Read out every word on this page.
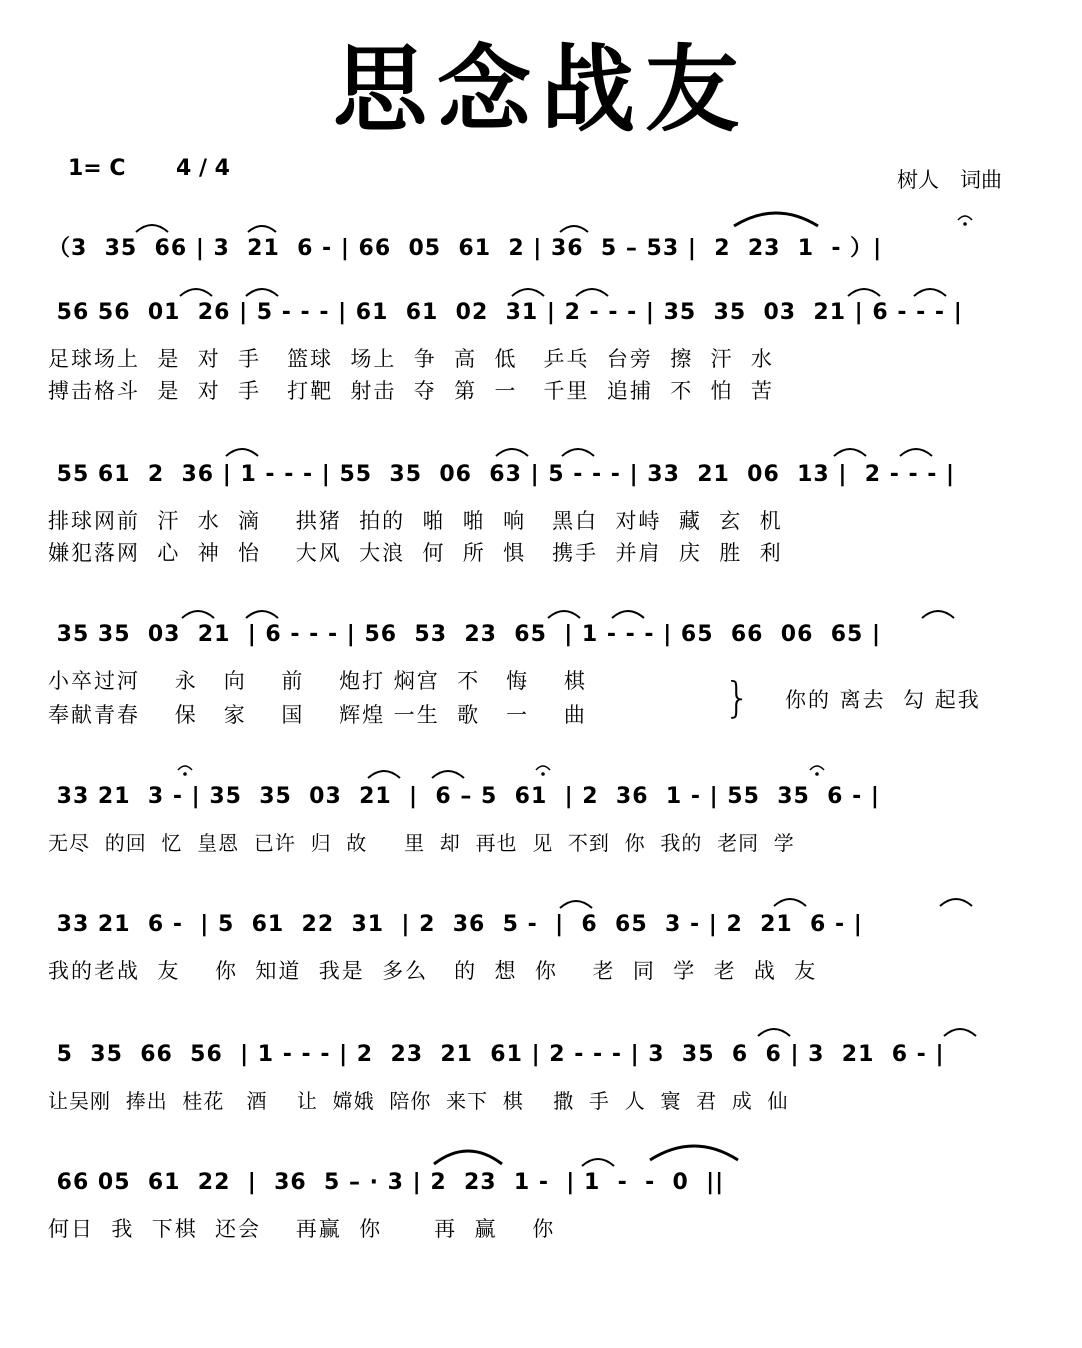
思念战友
1= C 4 / 4	树人　词曲
（3  35  66 | 3  21  6 - | 66  05  61  2 | 36  5 – 53 |  2  23  1  - ）|
56 56  01  26 | 5 - - - | 61  61  02  31 | 2 - - - | 35  35  03  21 | 6 - - - |
足球场上  是  对  手   篮球  场上  争  高  低   乒乓  台旁  擦  汗  水
搏击格斗  是  对  手   打靶  射击  夺  第  一   千里  追捕  不  怕  苦
55 61  2  36 | 1 - - - | 55  35  06  63 | 5 - - - | 33  21  06  13 |  2 - - - |
排球网前  汗  水  滴    拱猪  拍的  啪  啪  响   黑白  对峙  藏  玄  机
嫌犯落网  心  神  怡    大风  大浪  何  所  惧   携手  并肩  庆  胜  利
35 35  03  21  | 6 - - - | 56  53  23  65  | 1 - - - | 65  66  06  65 |
小卒过河    永   向    前    炮打 焖宫  不   悔    棋
奉献青春    保   家    国    辉煌 一生  歌   一    曲	} 你的 离去  勾 起我
33 21  3 - | 35  35  03  21  |  6 – 5  61  | 2  36  1 - | 55  35  6 - |
无尽  的回  忆  皇恩  已许  归  故     里  却  再也  见  不到  你  我的  老同  学
33 21  6 -  | 5  61  22  31  | 2  36  5 -  |  6  65  3 - | 2  21  6 - |
我的老战  友    你  知道  我是  多么   的  想  你    老  同  学  老  战  友
5  35  66  56  | 1 - - - | 2  23  21  61 | 2 - - - | 3  35  6  6 | 3  21  6 - |
让吴刚  捧出  桂花   酒    让  嫦娥  陪你  来下  棋    撒  手  人  寰  君  成  仙
66 05  61  22  |  36  5 – · 3 | 2  23  1 -  | 1  -  -  0  ||
何日  我  下棋  还会    再赢  你      再  赢    你
